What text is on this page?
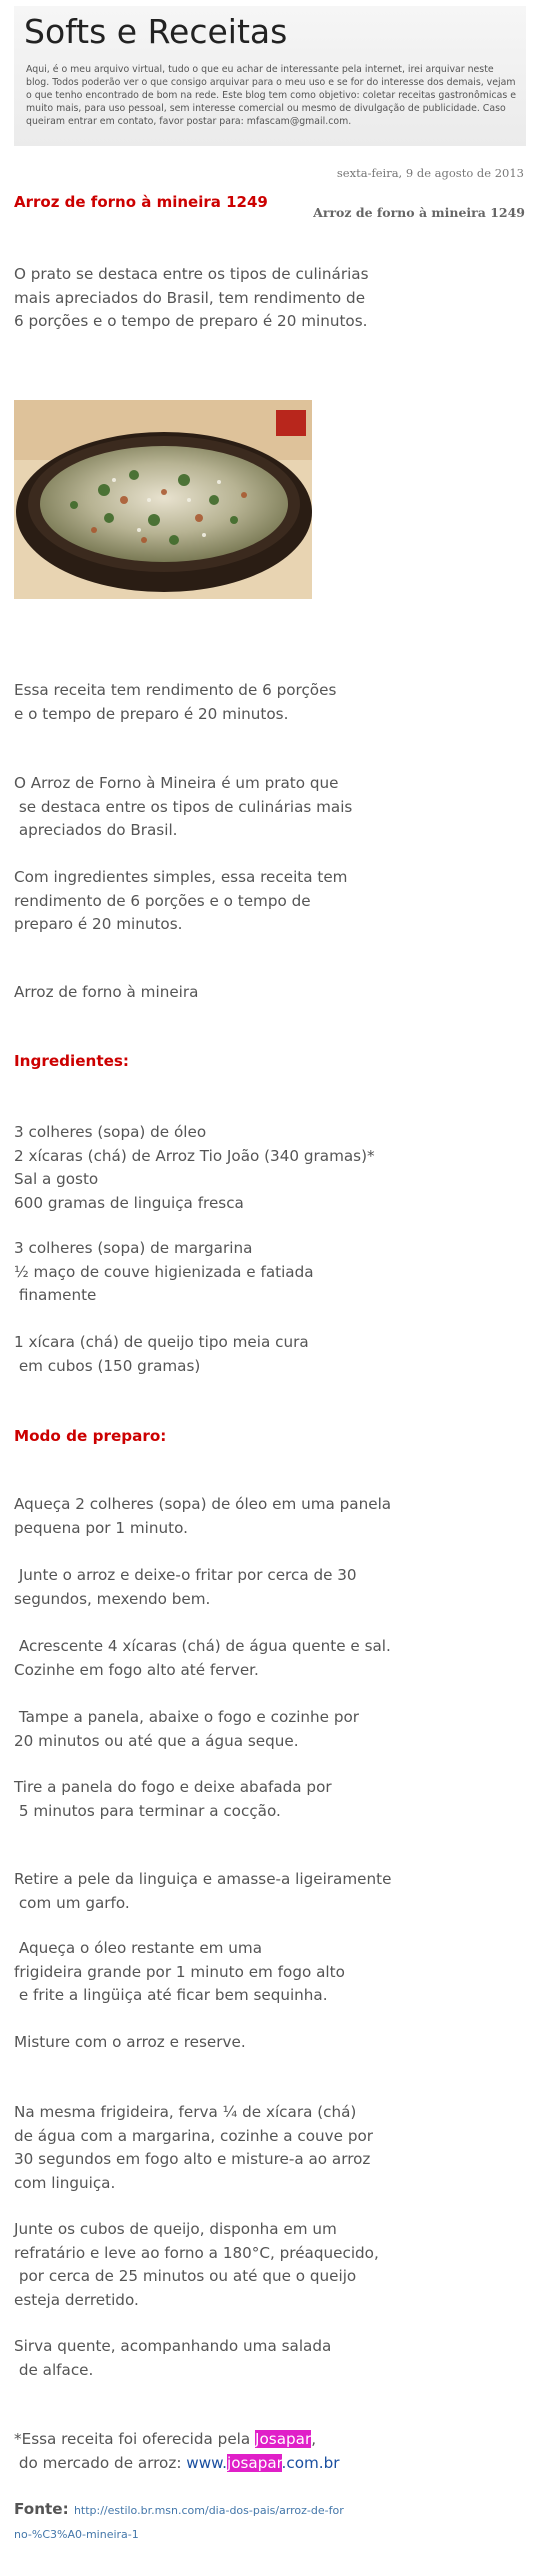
Softs e Receitas
Aqui, é o meu arquivo virtual, tudo o que eu achar de interessante pela internet, irei arquivar neste blog. Todos poderão ver o que consigo arquivar para o meu uso e se for do interesse dos demais, vejam o que tenho encontrado de bom na rede. Este blog tem como objetivo: coletar receitas gastronômicas e muito mais, para uso pessoal, sem interesse comercial ou mesmo de divulgação de publicidade. Caso queiram entrar em contato, favor postar para: mfascam@gmail.com.
sexta-feira, 9 de agosto de 2013
Arroz de forno à mineira 1249
Arroz de forno à mineira 1249
O prato se destaca entre os tipos de culinárias
mais apreciados do Brasil, tem rendimento de
6 porções e o tempo de preparo é 20 minutos.
Essa receita tem rendimento de 6 porções
e o tempo de preparo é 20 minutos.
O Arroz de Forno à Mineira é um prato que
se destaca entre os tipos de culinárias mais
apreciados do Brasil.
Com ingredientes simples, essa receita tem
rendimento de 6 porções e o tempo de
preparo é 20 minutos.
Arroz de forno à mineira
Ingredientes:
3 colheres (sopa) de óleo
2 xícaras (chá) de Arroz Tio João (340 gramas)*
Sal a gosto
600 gramas de linguiça fresca
3 colheres (sopa) de margarina
½ maço de couve higienizada e fatiada
finamente
1 xícara (chá) de queijo tipo meia cura
em cubos (150 gramas)
Modo de preparo:
Aqueça 2 colheres (sopa) de óleo em uma panela
pequena por 1 minuto.
Junte o arroz e deixe-o fritar por cerca de 30
segundos, mexendo bem.
Acrescente 4 xícaras (chá) de água quente e sal.
Cozinhe em fogo alto até ferver.
Tampe a panela, abaixe o fogo e cozinhe por
20 minutos ou até que a água seque.
Tire a panela do fogo e deixe abafada por
5 minutos para terminar a cocção.
Retire a pele da linguiça e amasse-a ligeiramente
com um garfo.
Aqueça o óleo restante em uma
frigideira grande por 1 minuto em fogo alto
e frite a lingüiça até ficar bem sequinha.
Misture com o arroz e reserve.
Na mesma frigideira, ferva ¼ de xícara (chá)
de água com a margarina, cozinhe a couve por
30 segundos em fogo alto e misture-a ao arroz
com linguiça.
Junte os cubos de queijo, disponha em um
refratário e leve ao forno a 180°C, préaquecido,
por cerca de 25 minutos ou até que o queijo
esteja derretido.
Sirva quente, acompanhando uma salada
de alface.
*Essa receita foi oferecida pela Josapar,
do mercado de arroz: www.josapar.com.br
Fonte: http://estilo.br.msn.com/dia-dos-pais/arroz-de-forno-%C3%A0-mineira-1
